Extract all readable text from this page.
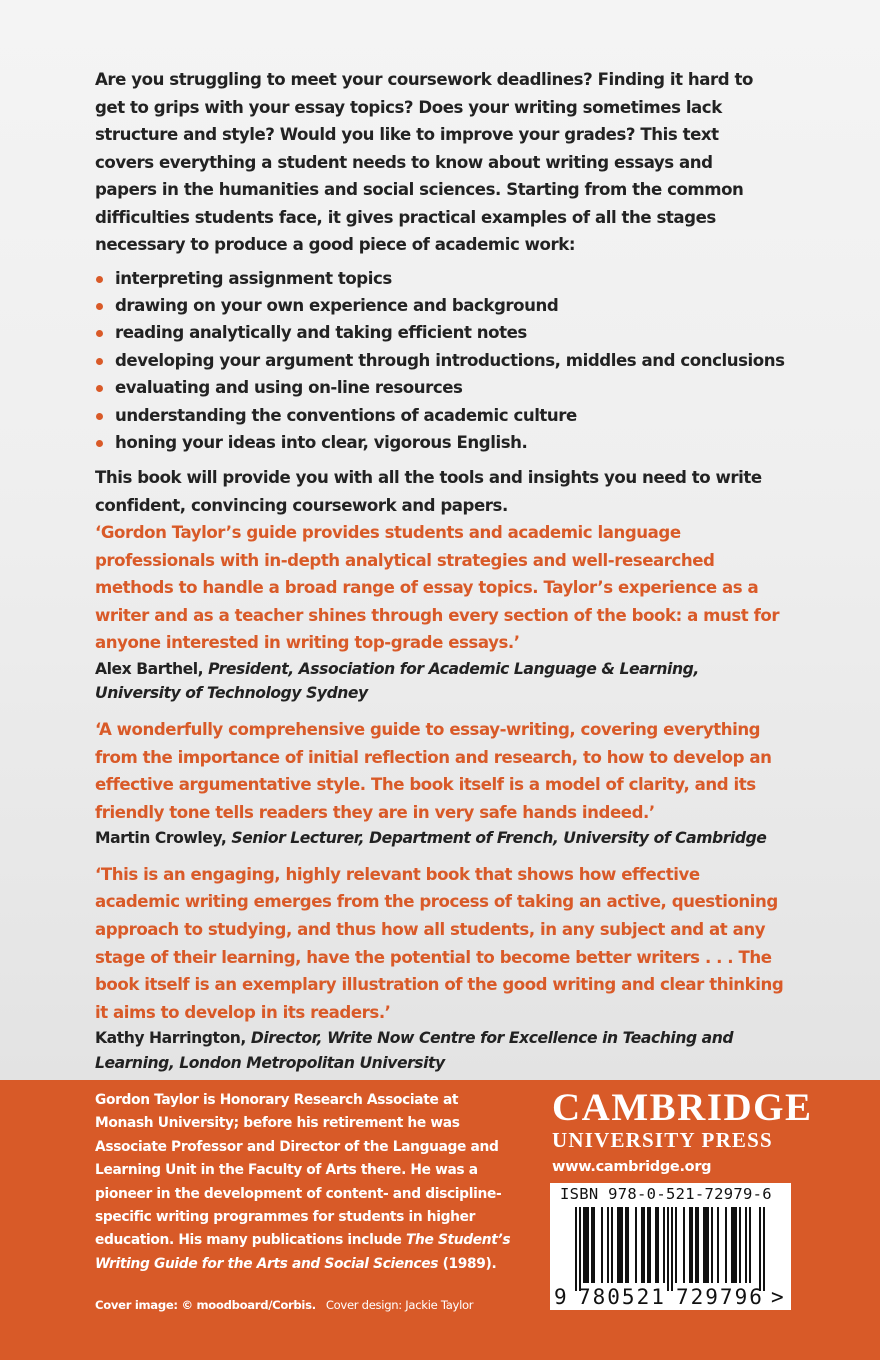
Are you struggling to meet your coursework deadlines? Finding it hard to get to grips with your essay topics? Does your writing sometimes lack structure and style? Would you like to improve your grades? This text covers everything a student needs to know about writing essays and papers in the humanities and social sciences. Starting from the common difficulties students face, it gives practical examples of all the stages necessary to produce a good piece of academic work:

interpreting assignment topics
drawing on your own experience and background
reading analytically and taking efficient notes
developing your argument through introductions, middles and conclusions
evaluating and using on-line resources
understanding the conventions of academic culture
honing your ideas into clear, vigorous English.

This book will provide you with all the tools and insights you need to write confident, convincing coursework and papers.

‘Gordon Taylor’s guide provides students and academic language professionals with in-depth analytical strategies and well-researched methods to handle a broad range of essay topics. Taylor’s experience as a writer and as a teacher shines through every section of the book: a must for anyone interested in writing top-grade essays.’

Alex Barthel, President, Association for Academic Language & Learning, University of Technology Sydney

‘A wonderfully comprehensive guide to essay-writing, covering everything from the importance of initial reflection and research, to how to develop an effective argumentative style. The book itself is a model of clarity, and its friendly tone tells readers they are in very safe hands indeed.’

Martin Crowley, Senior Lecturer, Department of French, University of Cambridge

‘This is an engaging, highly relevant book that shows how effective academic writing emerges from the process of taking an active, questioning approach to studying, and thus how all students, in any subject and at any stage of their learning, have the potential to become better writers . . . The book itself is an exemplary illustration of the good writing and clear thinking it aims to develop in its readers.’

Kathy Harrington, Director, Write Now Centre for Excellence in Teaching and Learning, London Metropolitan University

Gordon Taylor is Honorary Research Associate at Monash University; before his retirement he was Associate Professor and Director of the Language and Learning Unit in the Faculty of Arts there. He was a pioneer in the development of content- and discipline-specific writing programmes for students in higher education. His many publications include The Student’s Writing Guide for the Arts and Social Sciences (1989).

Cover image: © moodboard/Corbis. Cover design: Jackie Taylor
CAMBRIDGE
UNIVERSITY PRESS
www.cambridge.org
9 780521 729796 >
ISBN 978-0-521-72979-6
